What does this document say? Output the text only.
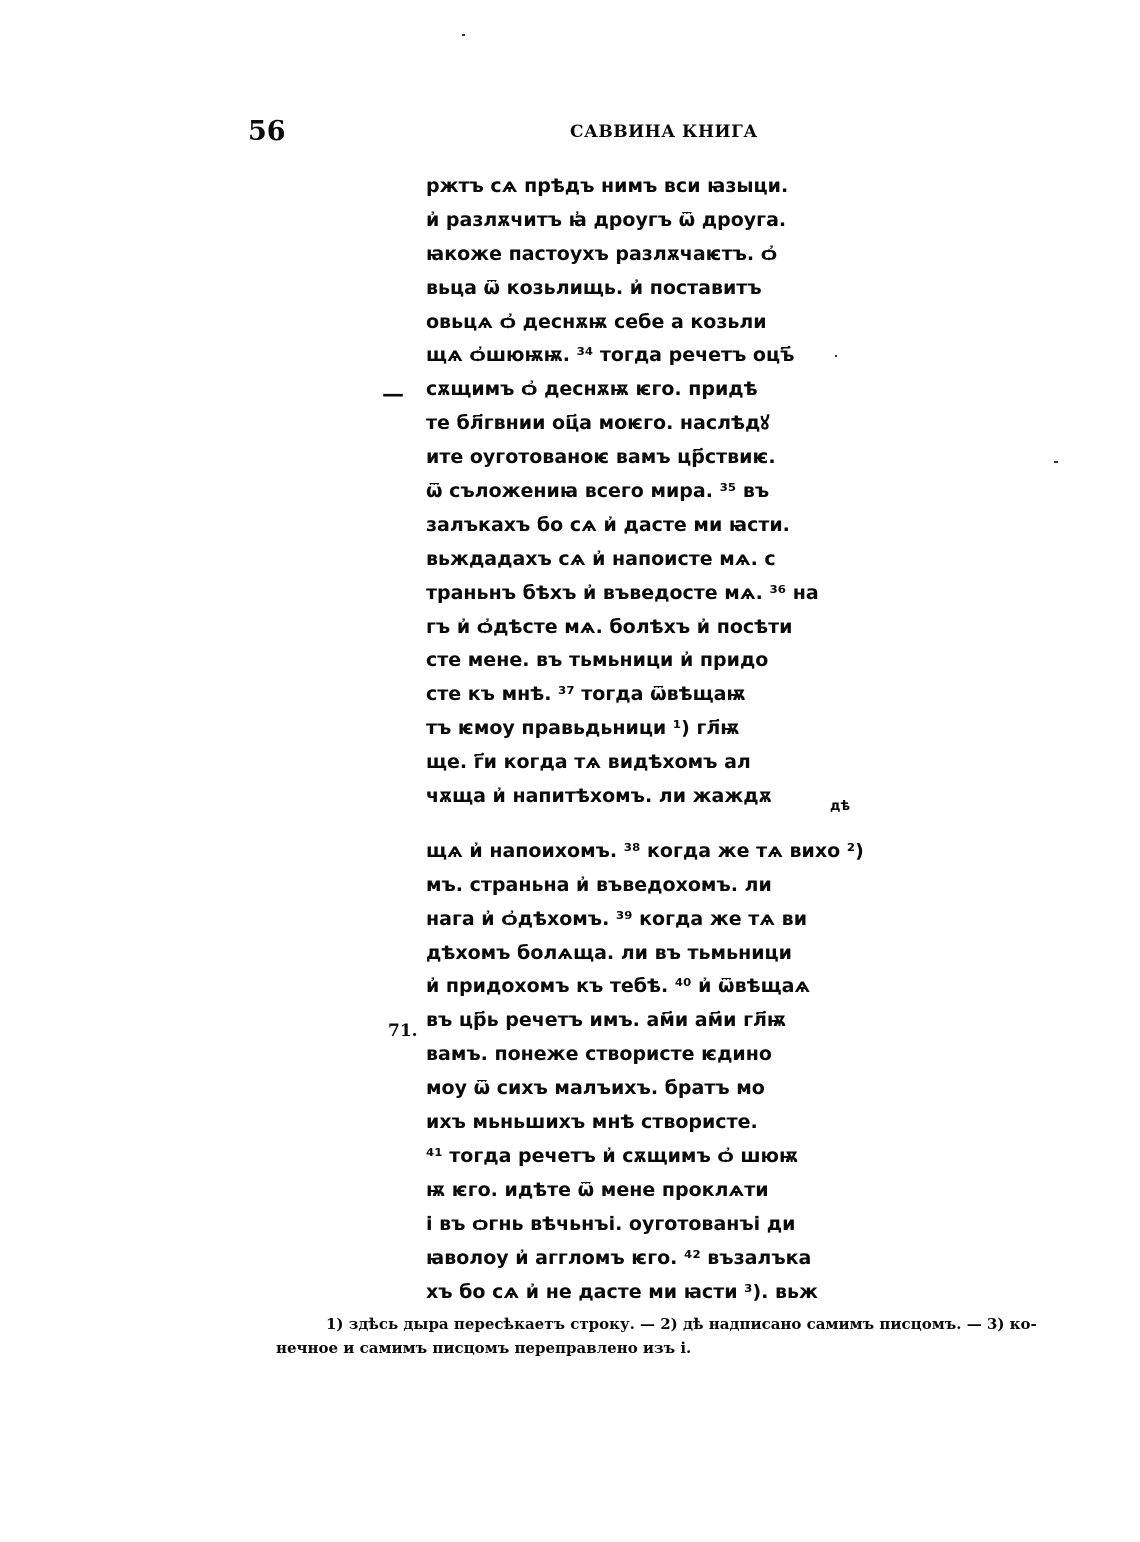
56	САВВИНА КНИГА
—
71.
дѣ
ржтъ сѧ прѣдъ нимъ вси ꙗзыци.
и҆ разлѫчитъ ꙗ҆ дроугъ ѿ дроуга.
ꙗкоже пастоухъ разлѫчаѥтъ. ѻ҆
вьца ѿ козьлищь. и҆ поставитъ
овьцѧ ѻ҆ деснѫѭ себе а козьли
щѧ ѻ҆шюѭѭ. ³⁴ тогда речетъ оцъ҃
сѫщимъ ѻ҆ деснѫѭ ѥго. придѣ
те бл҃гвнии оц҃а моѥго. наслѣдꙋ
ите оуготованоѥ вамъ цр҃ствиѥ.
ѿ съложениꙗ всего мира. ³⁵ въ
залъкахъ бо сѧ и҆ дасте ми ꙗсти.
вьждадахъ сѧ и҆ напоисте мѧ. с
траньнъ бѣхъ и҆ въведосте мѧ. ³⁶ на
гъ и҆ ѻ҆дѣсте мѧ. болѣхъ и҆ посѣти
сте мене. въ тьмьници и҆ придо
сте къ мнѣ. ³⁷ тогда ѿвѣщаѭ
тъ ѥмоу правьдьници ¹) гл҃ѭ
ще. г҃и когда тѧ видѣхомъ ал
чѫща и҆ напитѣхомъ. ли жаждѫ
щѧ и҆ напоихомъ. ³⁸ когда же тѧ вихо ²)
мъ. страньна и҆ въведохомъ. ли
нага и҆ ѻ҆дѣхомъ. ³⁹ когда же тѧ ви
дѣхомъ болѧща. ли въ тьмьници
и҆ придохомъ къ тебѣ. ⁴⁰ и҆ ѿвѣщаѧ
въ цр҃ь речетъ имъ. ам҃и ам҃и гл҃ѭ
вамъ. понеже створисте ѥдино
моу ѿ сихъ малъихъ. братъ мо
ихъ мьньшихъ мнѣ створисте.
⁴¹ тогда речетъ и҆ сѫщимъ ѻ҆ шюѭ
ѭ ѥго. идѣте ѿ мене проклѧти
і въ ѻгнь вѣчьнъі. оуготованъі ди
ꙗволоу и҆ аггломъ ѥго. ⁴² възалъка
хъ бо сѧ и҆ не дасте ми ꙗсти ³). вьж
1) здѣсь дыра пересѣкаетъ строку. — 2) дѣ надписано самимъ писцомъ. — 3) ко-
нечное и самимъ писцомъ переправлено изъ і.
